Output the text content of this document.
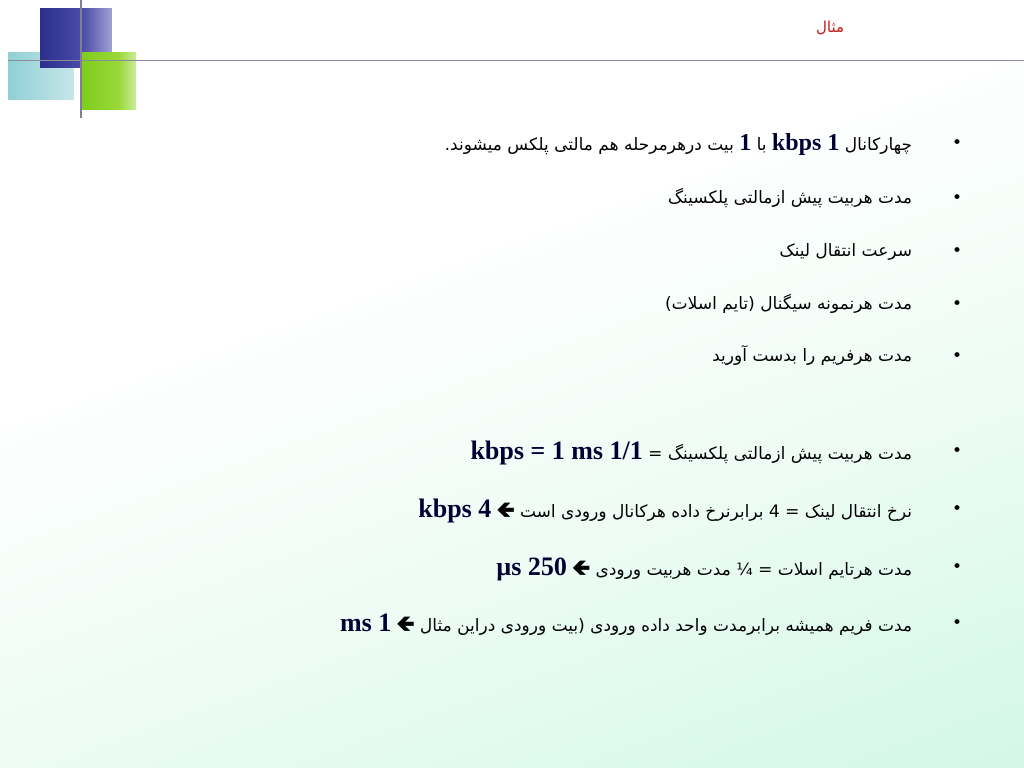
مثال
•
چهارکانال 1 kbps با 1 بیت درهرمرحله هم مالتی پلکس میشوند.
•
مدت هربیت پیش ازمالتی پلکسینگ
•
سرعت انتقال لینک
•
مدت هرنمونه سیگنال (تایم اسلات)
•
مدت هرفریم را بدست آورید
•
مدت هربیت پیش ازمالتی پلکسینگ = 1/1 kbps = 1 ms
•
نرخ انتقال لینک = 4 برابرنرخ داده هرکانال ورودی است 🡸 4 kbps
•
مدت هرتایم اسلات = ¼ مدت هربیت ورودی 🡸 250 µs
•
مدت فریم همیشه برابرمدت واحد داده ورودی (بیت ورودی دراین مثال 🡸 1 ms
